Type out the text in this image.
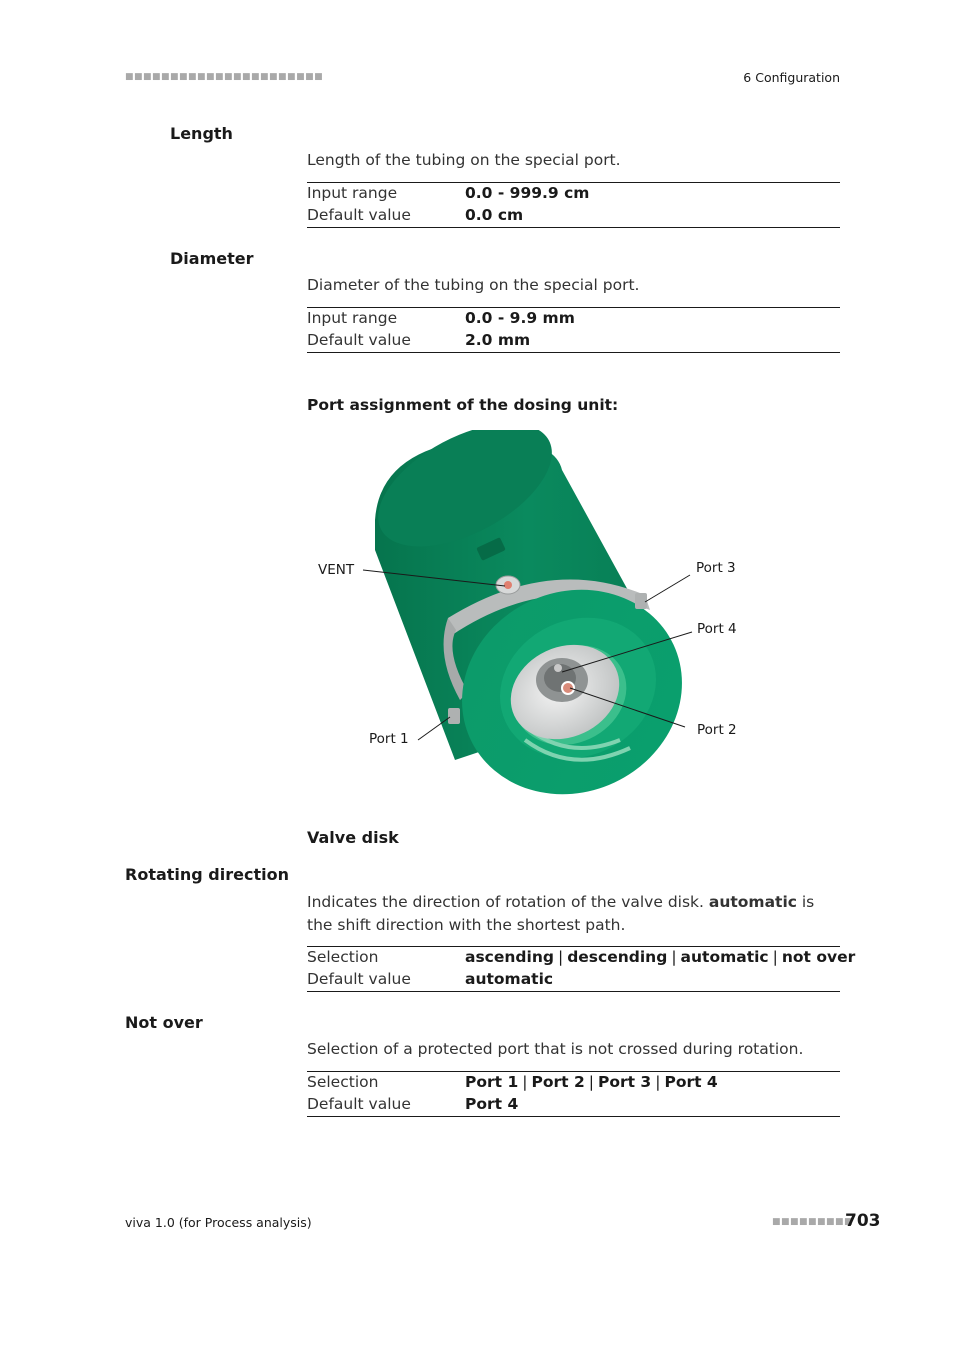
■■■■■■■■■■■■■■■■■■■■■■	6 Configuration
Length
Length of the tubing on the special port.
Input range	0.0 - 999.9 cm
Default value	0.0 cm
Diameter
Diameter of the tubing on the special port.
Input range	0.0 - 9.9 mm
Default value	2.0 mm
Port assignment of the dosing unit:
VENT	Port 3
Port 4
Port 2
Port 1
Valve disk
Rotating direction
Indicates the direction of rotation of the valve disk. automatic is the shift direction with the shortest path.
Selection	ascending | descending | automatic | not over
Default value	automatic
Not over
Selection of a protected port that is not crossed during rotation.
Selection	Port 1 | Port 2 | Port 3 | Port 4
Default value	Port 4
viva 1.0 (for Process analysis)	■■■■■■■■■
703
